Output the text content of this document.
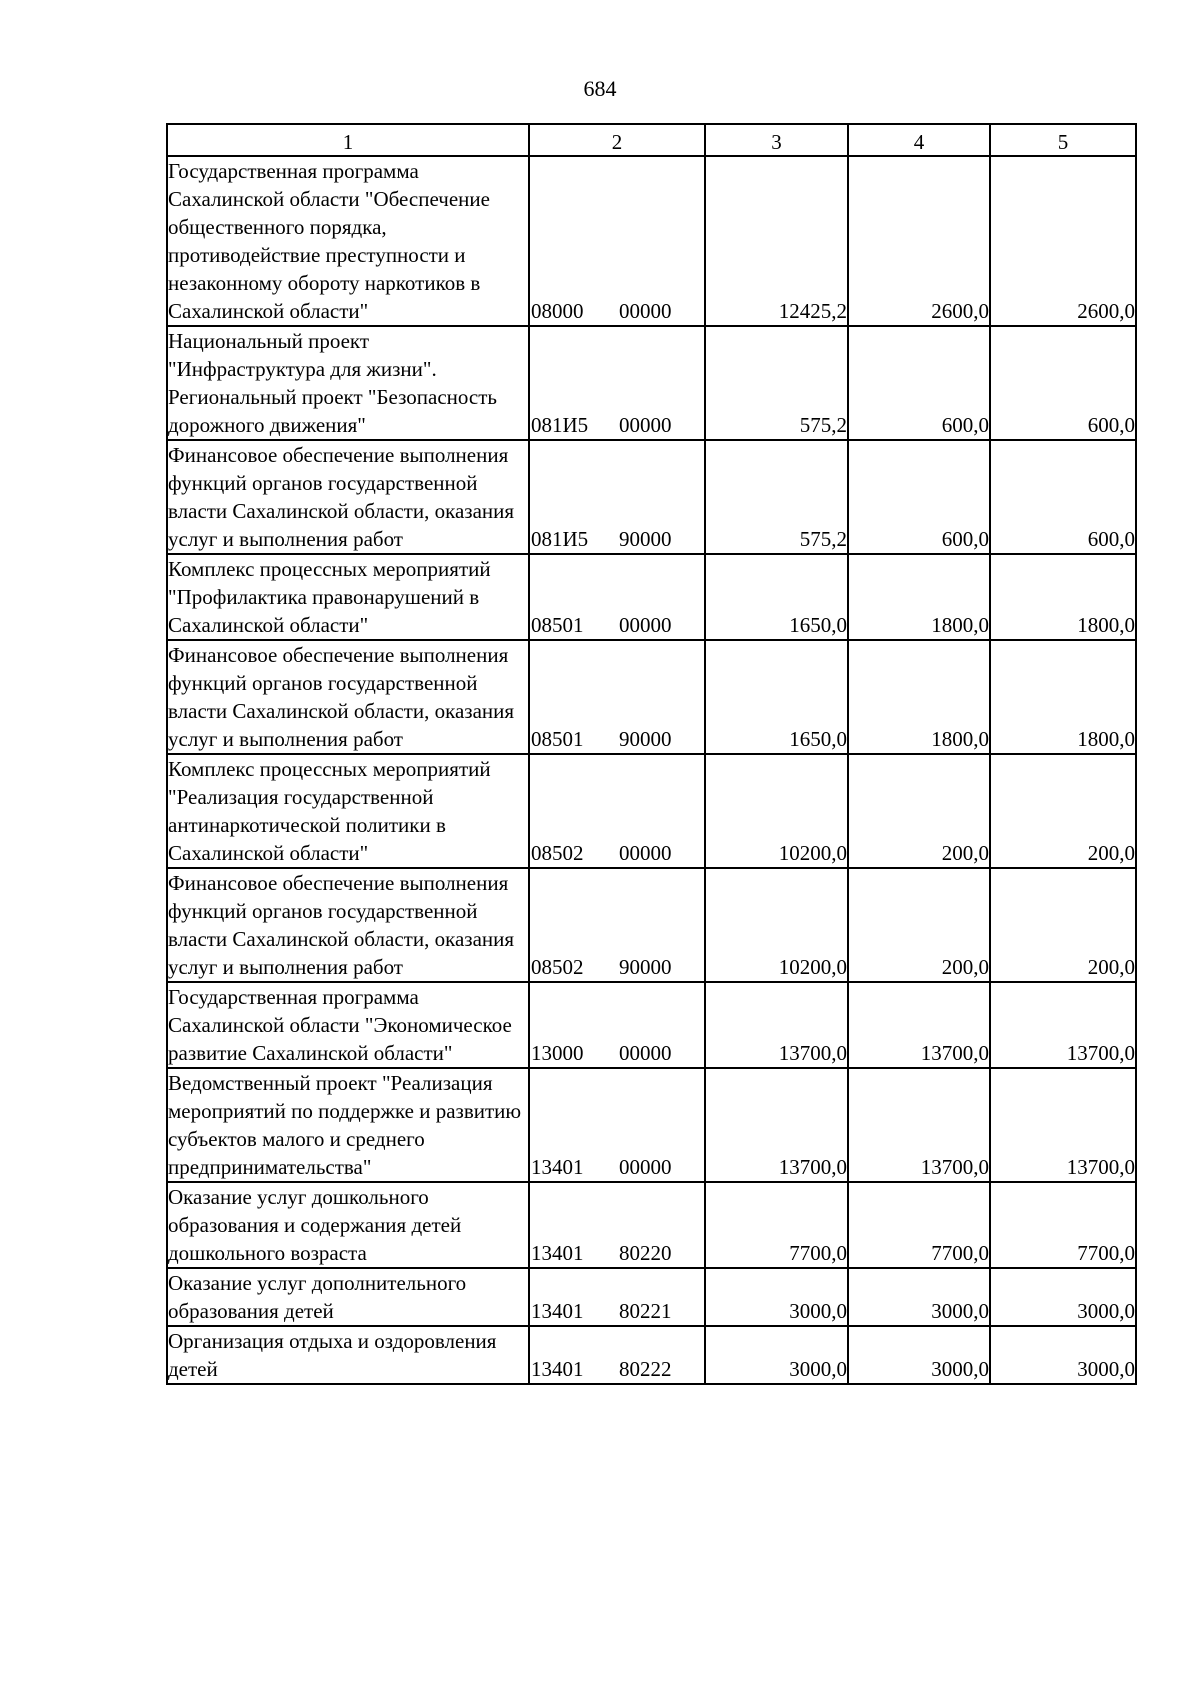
684
1	2	3	4	5
Государственная программа Сахалинской области "Обеспечение общественного порядка, противодействие преступности и незаконному обороту наркотиков в Сахалинской области"	08000 00000	12425,2	2600,0	2600,0
Национальный проект "Инфраструктура для жизни". Региональный проект "Безопасность дорожного движения"	081И5 00000	575,2	600,0	600,0
Финансовое обеспечение выполнения функций органов государственной власти Сахалинской области, оказания услуг и выполнения работ	081И5 90000	575,2	600,0	600,0
Комплекс процессных мероприятий "Профилактика правонарушений в Сахалинской области"	08501 00000	1650,0	1800,0	1800,0
Финансовое обеспечение выполнения функций органов государственной власти Сахалинской области, оказания услуг и выполнения работ	08501 90000	1650,0	1800,0	1800,0
Комплекс процессных мероприятий "Реализация государственной антинаркотической политики в Сахалинской области"	08502 00000	10200,0	200,0	200,0
Финансовое обеспечение выполнения функций органов государственной власти Сахалинской области, оказания услуг и выполнения работ	08502 90000	10200,0	200,0	200,0
Государственная программа Сахалинской области "Экономическое развитие Сахалинской области"	13000 00000	13700,0	13700,0	13700,0
Ведомственный проект "Реализация мероприятий по поддержке и развитию субъектов малого и среднего предпринимательства"	13401 00000	13700,0	13700,0	13700,0
Оказание услуг дошкольного образования и содержания детей дошкольного возраста	13401 80220	7700,0	7700,0	7700,0
Оказание услуг дополнительного образования детей	13401 80221	3000,0	3000,0	3000,0
Организация отдыха и оздоровления детей	13401 80222	3000,0	3000,0	3000,0
